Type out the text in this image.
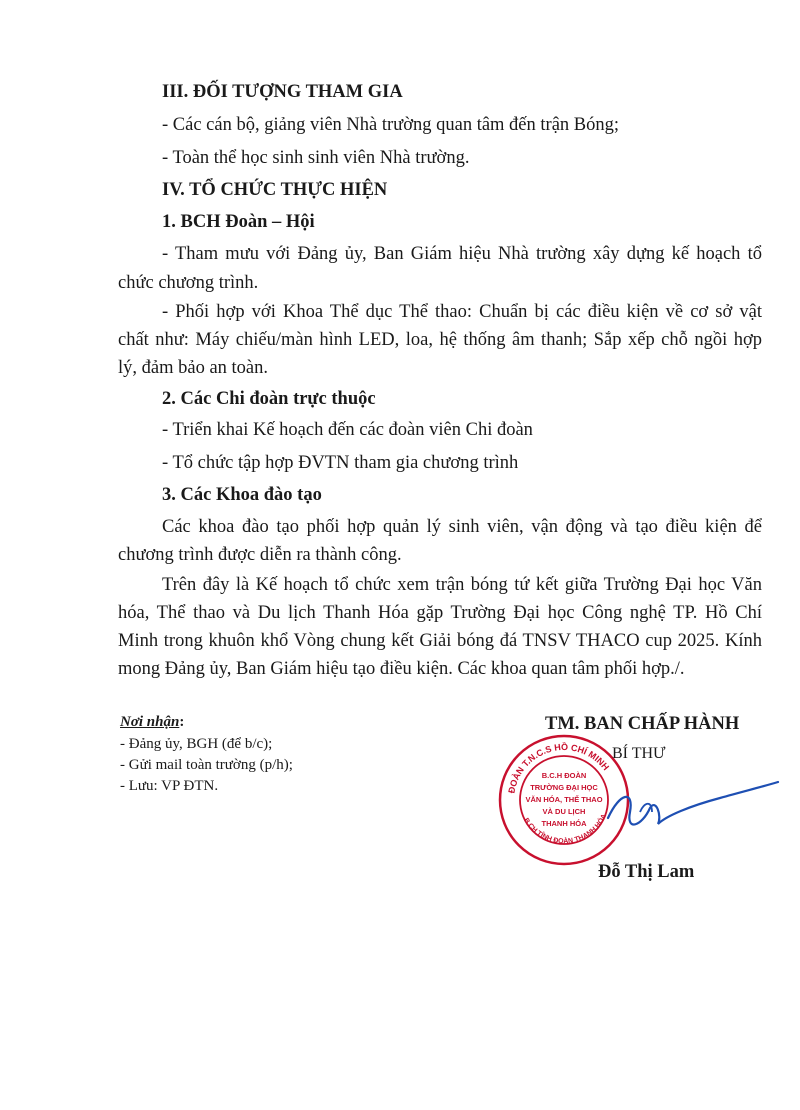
III. ĐỐI TƯỢNG THAM GIA
- Các cán bộ, giảng viên Nhà trường quan tâm đến trận Bóng;
- Toàn thể học sinh sinh viên Nhà trường.
IV. TỔ CHỨC THỰC HIỆN
1. BCH Đoàn – Hội
- Tham mưu với Đảng ủy, Ban Giám hiệu Nhà trường xây dựng kế hoạch tổ
chức chương trình.
- Phối hợp với Khoa Thể dục Thể thao: Chuẩn bị các điều kiện về cơ sở vật
chất như: Máy chiếu/màn hình LED, loa, hệ thống âm thanh; Sắp xếp chỗ ngồi hợp
lý, đảm bảo an toàn.
2. Các Chi đoàn trực thuộc
- Triển khai Kế hoạch đến các đoàn viên Chi đoàn
- Tổ chức tập hợp ĐVTN tham gia chương trình
3. Các Khoa đào tạo
Các khoa đào tạo phối hợp quản lý sinh viên, vận động và tạo điều kiện để
chương trình được diễn ra thành công.
Trên đây là Kế hoạch tổ chức xem trận bóng tứ kết giữa Trường Đại học Văn
hóa, Thể thao và Du lịch Thanh Hóa gặp Trường Đại học Công nghệ TP. Hồ Chí
Minh trong khuôn khổ Vòng chung kết Giải bóng đá TNSV THACO cup 2025. Kính
mong Đảng ủy, Ban Giám hiệu tạo điều kiện. Các khoa quan tâm phối hợp./.
Nơi nhận:
- Đảng ủy, BGH (để b/c);
- Gửi mail toàn trường (p/h);
- Lưu: VP ĐTN.
TM. BAN CHẤP HÀNH
ĐOÀN T.N.C.S HỒ CHÍ MINH
B.CH TỈNH ĐOÀN THANH HÓA
B.C.H ĐOÀN
TRƯỜNG ĐẠI HỌC
VĂN HÓA, THỂ THAO
VÀ DU LỊCH
THANH HÓA
BÍ THƯ
Đỗ Thị Lam
